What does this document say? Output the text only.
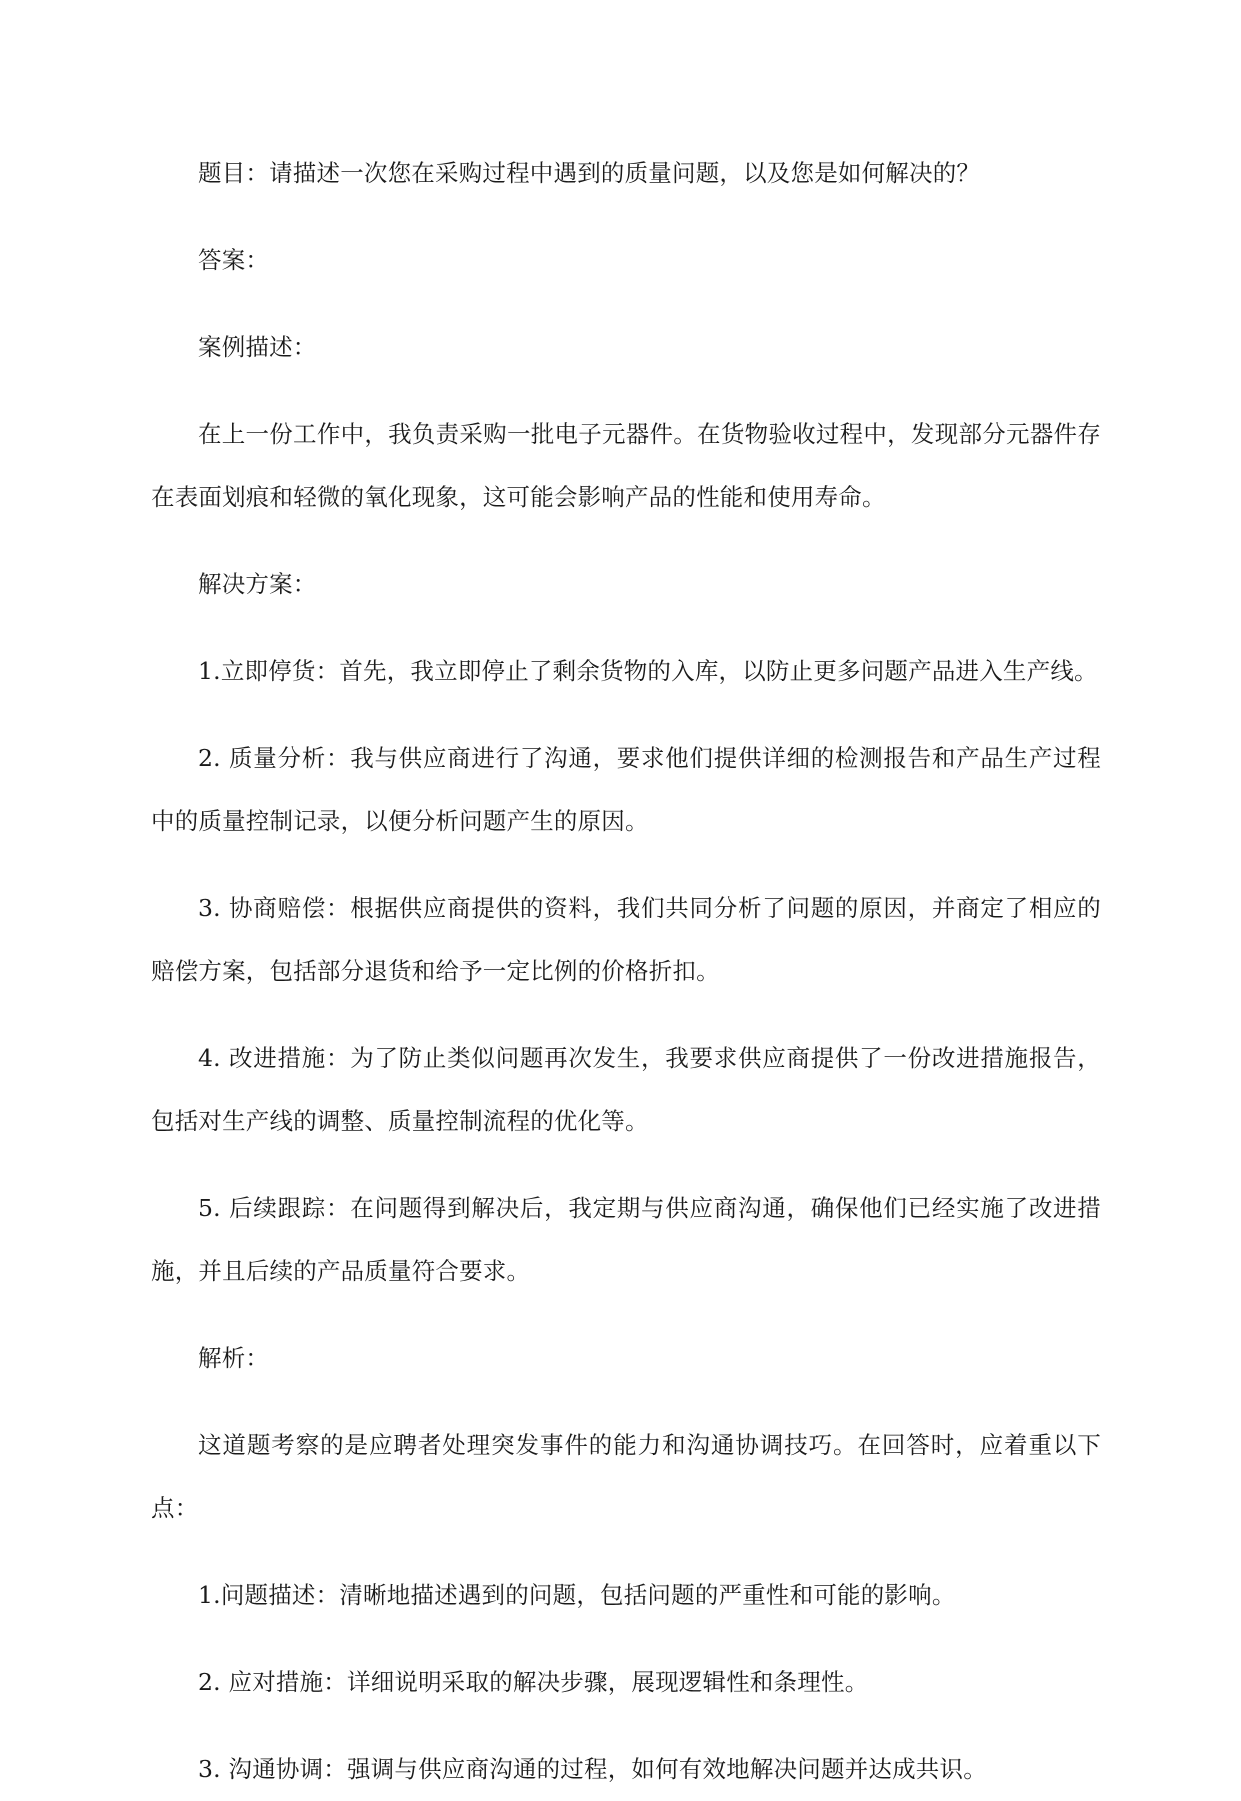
题目：请描述一次您在采购过程中遇到的质量问题，以及您是如何解决的？

答案：

案例描述：

在上一份工作中，我负责采购一批电子元器件。在货物验收过程中，发现部分元器件存在表面划痕和轻微的氧化现象，这可能会影响产品的性能和使用寿命。

解决方案：

1.立即停货：首先，我立即停止了剩余货物的入库，以防止更多问题产品进入生产线。

2. 质量分析：我与供应商进行了沟通，要求他们提供详细的检测报告和产品生产过程中的质量控制记录，以便分析问题产生的原因。

3. 协商赔偿：根据供应商提供的资料，我们共同分析了问题的原因，并商定了相应的赔偿方案，包括部分退货和给予一定比例的价格折扣。

4. 改进措施：为了防止类似问题再次发生，我要求供应商提供了一份改进措施报告，包括对生产线的调整、质量控制流程的优化等。

5. 后续跟踪：在问题得到解决后，我定期与供应商沟通，确保他们已经实施了改进措施，并且后续的产品质量符合要求。

解析：

这道题考察的是应聘者处理突发事件的能力和沟通协调技巧。在回答时，应着重以下点：

1.问题描述：清晰地描述遇到的问题，包括问题的严重性和可能的影响。

2. 应对措施：详细说明采取的解决步骤，展现逻辑性和条理性。

3. 沟通协调：强调与供应商沟通的过程，如何有效地解决问题并达成共识。
